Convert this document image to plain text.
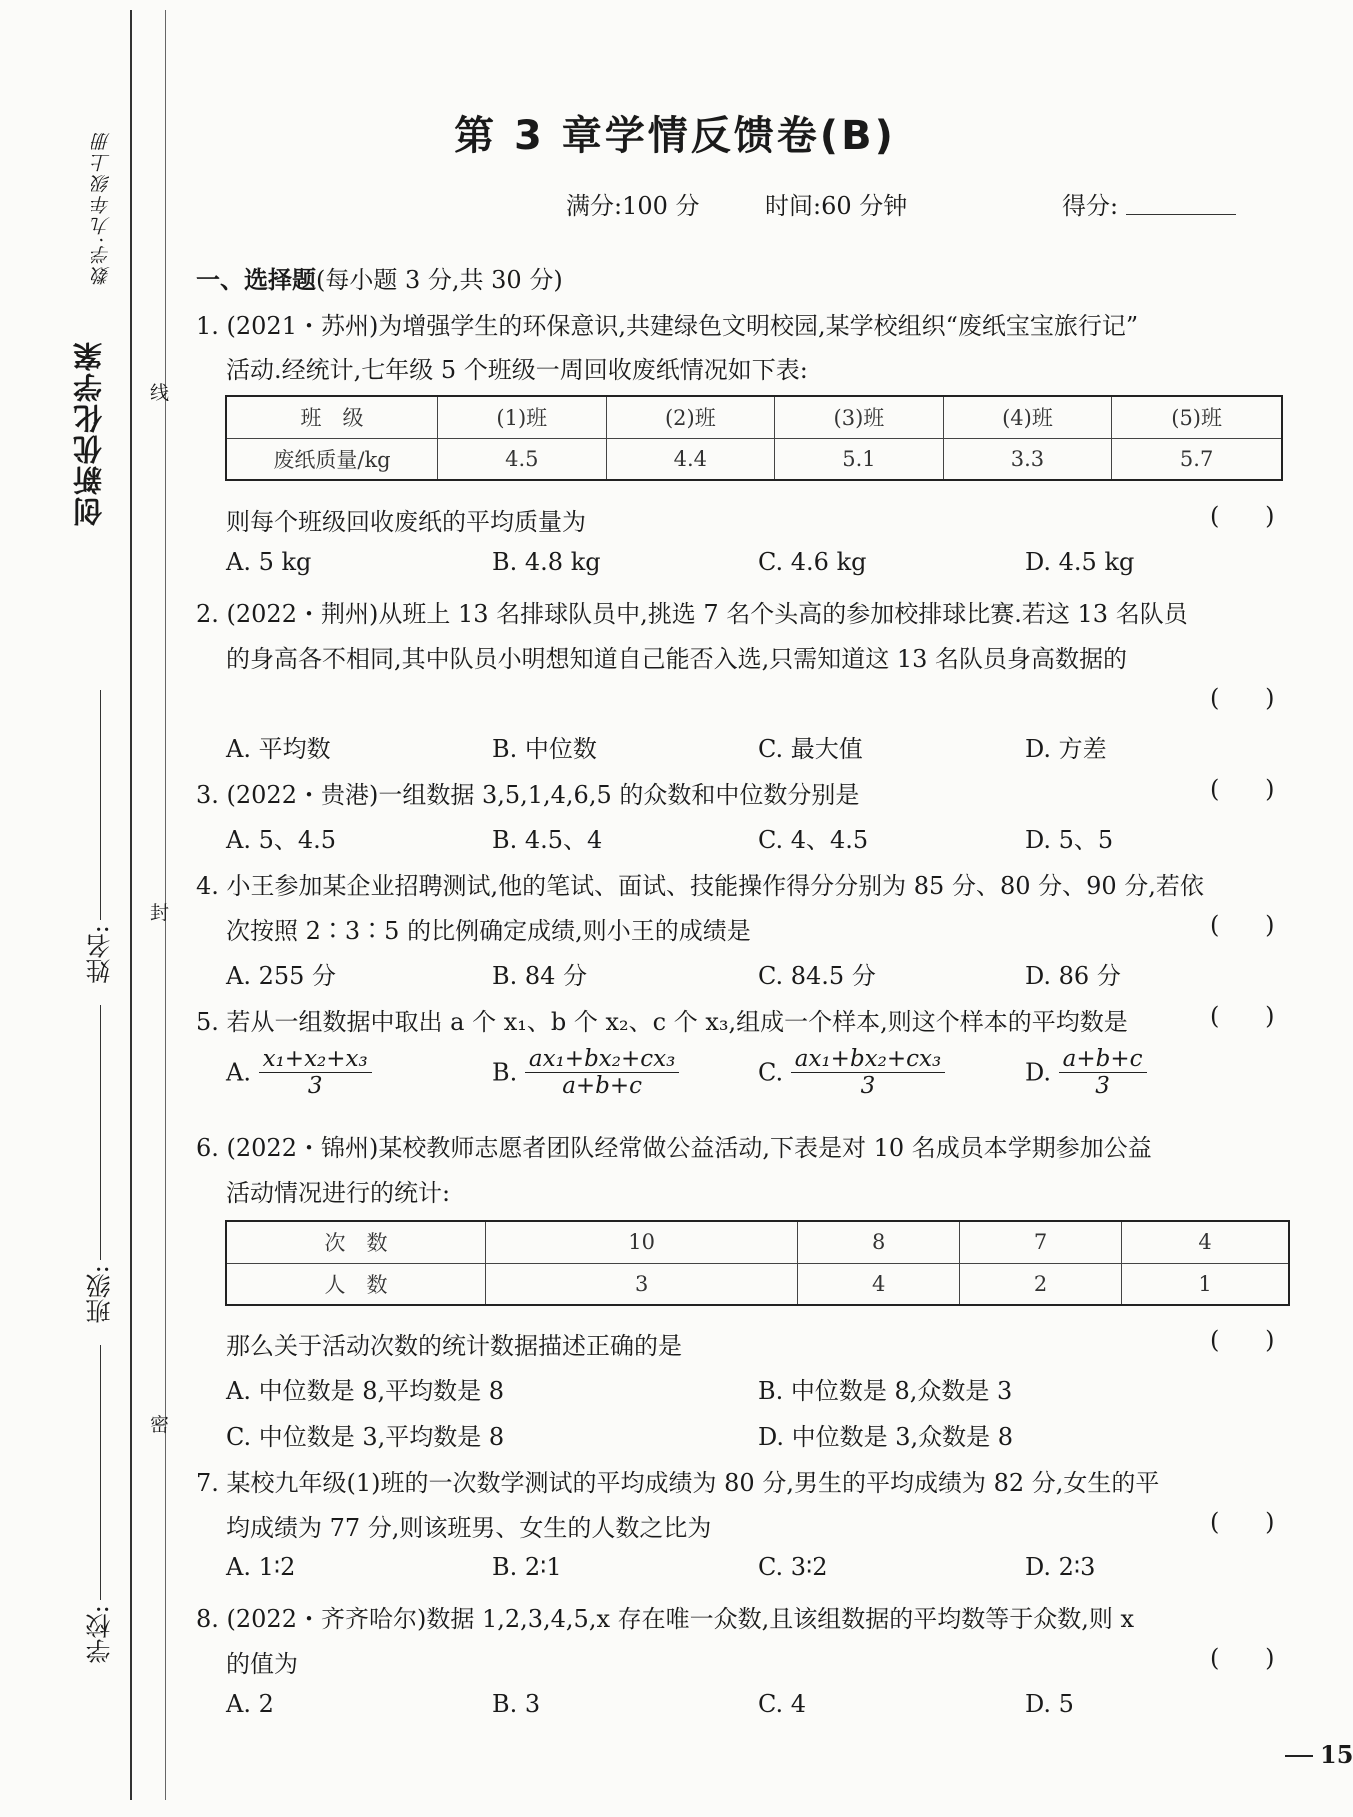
创新优化学案
数学·九年级上册
姓名:
班级:
学校:
线
封
密
第 3 章学情反馈卷(B)
满分:100 分	时间:60 分钟	得分:
一、选择题(每小题 3 分,共 30 分)
1. (2021・苏州)为增强学生的环保意识,共建绿色文明校园,某学校组织“废纸宝宝旅行记”
活动.经统计,七年级 5 个班级一周回收废纸情况如下表:
班　级	(1)班	(2)班	(3)班	(4)班	(5)班
废纸质量/kg	4.5	4.4	5.1	3.3	5.7
则每个班级回收废纸的平均质量为	(      )
A. 5 kg	B. 4.8 kg	C. 4.6 kg	D. 4.5 kg
2. (2022・荆州)从班上 13 名排球队员中,挑选 7 名个头高的参加校排球比赛.若这 13 名队员
的身高各不相同,其中队员小明想知道自己能否入选,只需知道这 13 名队员身高数据的
(      )
A. 平均数	B. 中位数	C. 最大值	D. 方差
3. (2022・贵港)一组数据 3,5,1,4,6,5 的众数和中位数分别是	(      )
A. 5、4.5	B. 4.5、4	C. 4、4.5	D. 5、5
4. 小王参加某企业招聘测试,他的笔试、面试、技能操作得分分别为 85 分、80 分、90 分,若依
次按照 2∶3∶5 的比例确定成绩,则小王的成绩是	(      )
A. 255 分	B. 84 分	C. 84.5 分	D. 86 分
5. 若从一组数据中取出 a 个 x₁、b 个 x₂、c 个 x₃,组成一个样本,则这个样本的平均数是	(      )
A. $\frac{\text{x₁+x₂+x₃}}{3}$	B. $\frac{\text{ax₁+bx₂+cx₃}}{a+b+c}$	C. $\frac{\text{ax₁+bx₂+cx₃}}{3}$	D. $\frac{a+b+c}{3}$
6. (2022・锦州)某校教师志愿者团队经常做公益活动,下表是对 10 名成员本学期参加公益
活动情况进行的统计:
次　数	10	8	7	4
人　数	3	4	2	1
那么关于活动次数的统计数据描述正确的是	(      )
A. 中位数是 8,平均数是 8	B. 中位数是 8,众数是 3
C. 中位数是 3,平均数是 8	D. 中位数是 3,众数是 8
7. 某校九年级(1)班的一次数学测试的平均成绩为 80 分,男生的平均成绩为 82 分,女生的平
均成绩为 77 分,则该班男、女生的人数之比为	(      )
A. 1∶2	B. 2∶1	C. 3∶2	D. 2∶3
8. (2022・齐齐哈尔)数据 1,2,3,4,5,x 存在唯一众数,且该组数据的平均数等于众数,则 x
的值为	(      )
A. 2	B. 3	C. 4	D. 5
15
